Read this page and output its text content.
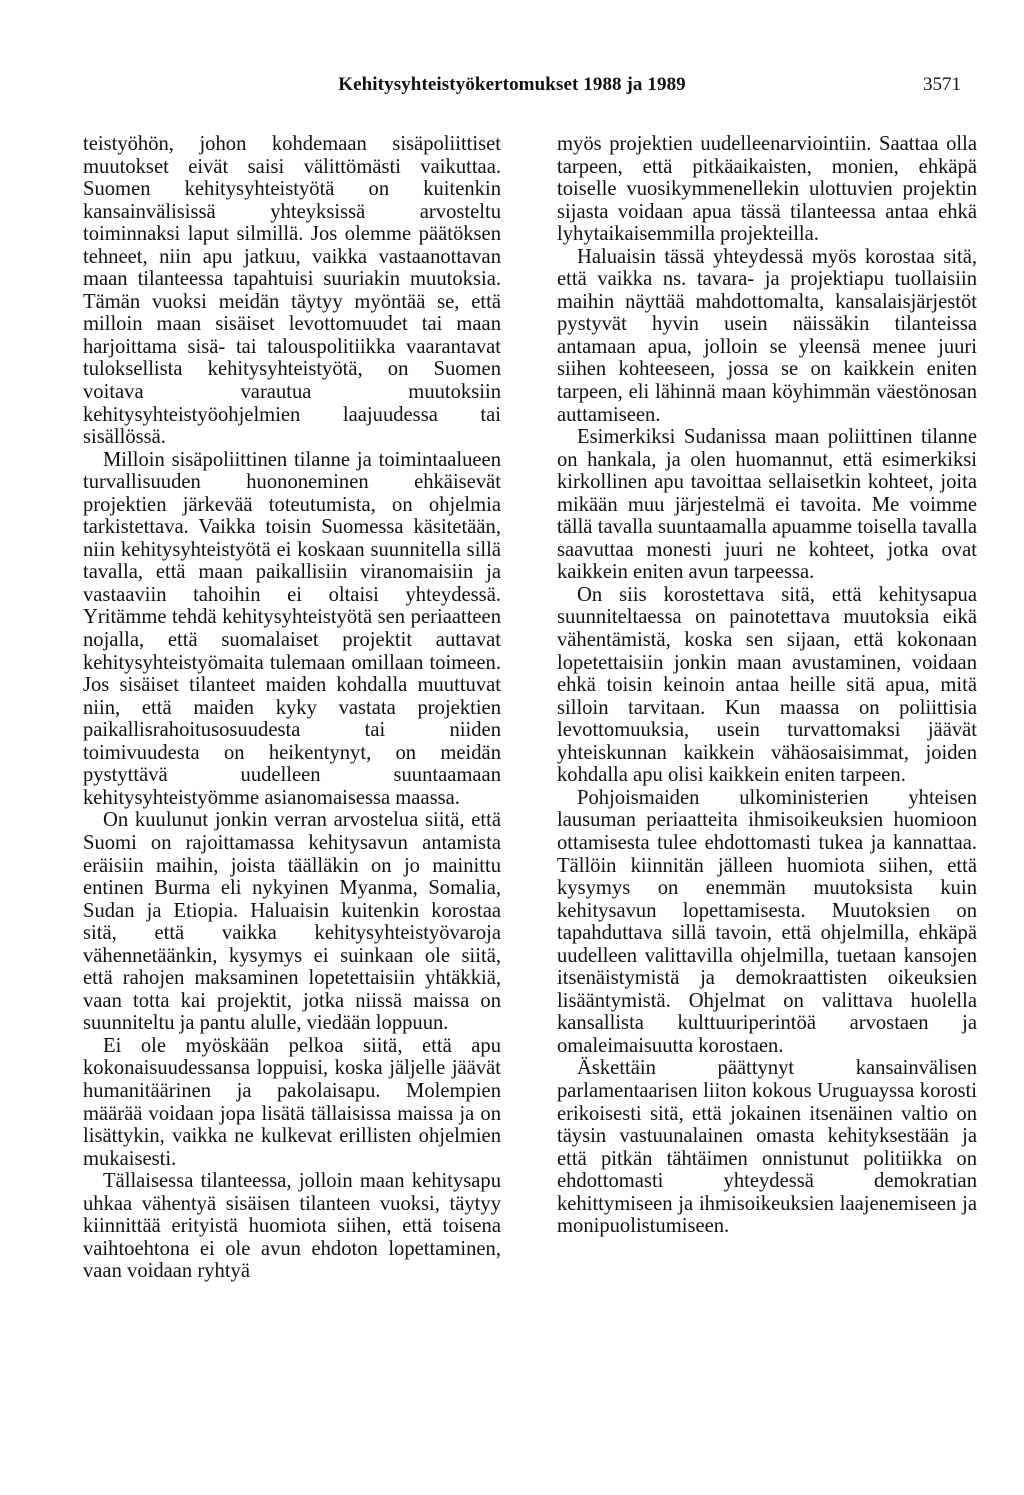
Kehitysyhteistyökertomukset 1988 ja 1989	3571

teistyöhön, johon kohdemaan sisäpoliittiset muutokset eivät saisi välittömästi vaikuttaa. Suomen kehitysyhteistyötä on kuitenkin kansainvälisissä yhteyksissä arvosteltu toiminnaksi laput silmillä. Jos olemme päätöksen tehneet, niin apu jatkuu, vaikka vastaanottavan maan tilanteessa tapahtuisi suuriakin muutoksia. Tämän vuoksi meidän täytyy myöntää se, että milloin maan sisäiset levottomuudet tai maan harjoittama sisä- tai talouspolitiikka vaarantavat tuloksellista kehitysyhteistyötä, on Suomen voitava varautua muutoksiin kehitysyhteistyöohjelmien laajuudessa tai sisällössä.

Milloin sisäpoliittinen tilanne ja toimintaalueen turvallisuuden huononeminen ehkäisevät projektien järkevää toteutumista, on ohjelmia tarkistettava. Vaikka toisin Suomessa käsitetään, niin kehitysyhteistyötä ei koskaan suunnitella sillä tavalla, että maan paikallisiin viranomaisiin ja vastaaviin tahoihin ei oltaisi yhteydessä. Yritämme tehdä kehitysyhteistyötä sen periaatteen nojalla, että suomalaiset projektit auttavat kehitysyhteistyömaita tulemaan omillaan toimeen. Jos sisäiset tilanteet maiden kohdalla muuttuvat niin, että maiden kyky vastata projektien paikallisrahoitusosuudesta tai niiden toimivuudesta on heikentynyt, on meidän pystyttävä uudelleen suuntaamaan kehitysyhteistyömme asianomaisessa maassa.

On kuulunut jonkin verran arvostelua siitä, että Suomi on rajoittamassa kehitysavun antamista eräisiin maihin, joista täälläkin on jo mainittu entinen Burma eli nykyinen Myanma, Somalia, Sudan ja Etiopia. Haluaisin kuitenkin korostaa sitä, että vaikka kehitysyhteistyövaroja vähennetäänkin, kysymys ei suinkaan ole siitä, että rahojen maksaminen lopetettaisiin yhtäkkiä, vaan totta kai projektit, jotka niissä maissa on suunniteltu ja pantu alulle, viedään loppuun.

Ei ole myöskään pelkoa siitä, että apu kokonaisuudessansa loppuisi, koska jäljelle jäävät humanitäärinen ja pakolaisapu. Molempien määrää voidaan jopa lisätä tällaisissa maissa ja on lisättykin, vaikka ne kulkevat erillisten ohjelmien mukaisesti.

Tällaisessa tilanteessa, jolloin maan kehitysapu uhkaa vähentyä sisäisen tilanteen vuoksi, täytyy kiinnittää erityistä huomiota siihen, että toisena vaihtoehtona ei ole avun ehdoton lopettaminen, vaan voidaan ryhtyä

myös projektien uudelleenarviointiin. Saattaa olla tarpeen, että pitkäaikaisten, monien, ehkäpä toiselle vuosikymmenellekin ulottuvien projektin sijasta voidaan apua tässä tilanteessa antaa ehkä lyhytaikaisemmilla projekteilla.

Haluaisin tässä yhteydessä myös korostaa sitä, että vaikka ns. tavara- ja projektiapu tuollaisiin maihin näyttää mahdottomalta, kansalaisjärjestöt pystyvät hyvin usein näissäkin tilanteissa antamaan apua, jolloin se yleensä menee juuri siihen kohteeseen, jossa se on kaikkein eniten tarpeen, eli lähinnä maan köyhimmän väestönosan auttamiseen.

Esimerkiksi Sudanissa maan poliittinen tilanne on hankala, ja olen huomannut, että esimerkiksi kirkollinen apu tavoittaa sellaisetkin kohteet, joita mikään muu järjestelmä ei tavoita. Me voimme tällä tavalla suuntaamalla apuamme toisella tavalla saavuttaa monesti juuri ne kohteet, jotka ovat kaikkein eniten avun tarpeessa.

On siis korostettava sitä, että kehitysapua suunniteltaessa on painotettava muutoksia eikä vähentämistä, koska sen sijaan, että kokonaan lopetettaisiin jonkin maan avustaminen, voidaan ehkä toisin keinoin antaa heille sitä apua, mitä silloin tarvitaan. Kun maassa on poliittisia levottomuuksia, usein turvattomaksi jäävät yhteiskunnan kaikkein vähäosaisimmat, joiden kohdalla apu olisi kaikkein eniten tarpeen.

Pohjoismaiden ulkoministerien yhteisen lausuman periaatteita ihmisoikeuksien huomioon ottamisesta tulee ehdottomasti tukea ja kannattaa. Tällöin kiinnitän jälleen huomiota siihen, että kysymys on enemmän muutoksista kuin kehitysavun lopettamisesta. Muutoksien on tapahduttava sillä tavoin, että ohjelmilla, ehkäpä uudelleen valittavilla ohjelmilla, tuetaan kansojen itsenäistymistä ja demokraattisten oikeuksien lisääntymistä. Ohjelmat on valittava huolella kansallista kulttuuriperintöä arvostaen ja omaleimaisuutta korostaen.

Äskettäin päättynyt kansainvälisen parlamentaarisen liiton kokous Uruguayssa korosti erikoisesti sitä, että jokainen itsenäinen valtio on täysin vastuunalainen omasta kehityksestään ja että pitkän tähtäimen onnistunut politiikka on ehdottomasti yhteydessä demokratian kehittymiseen ja ihmisoikeuksien laajenemiseen ja monipuolistumiseen.
